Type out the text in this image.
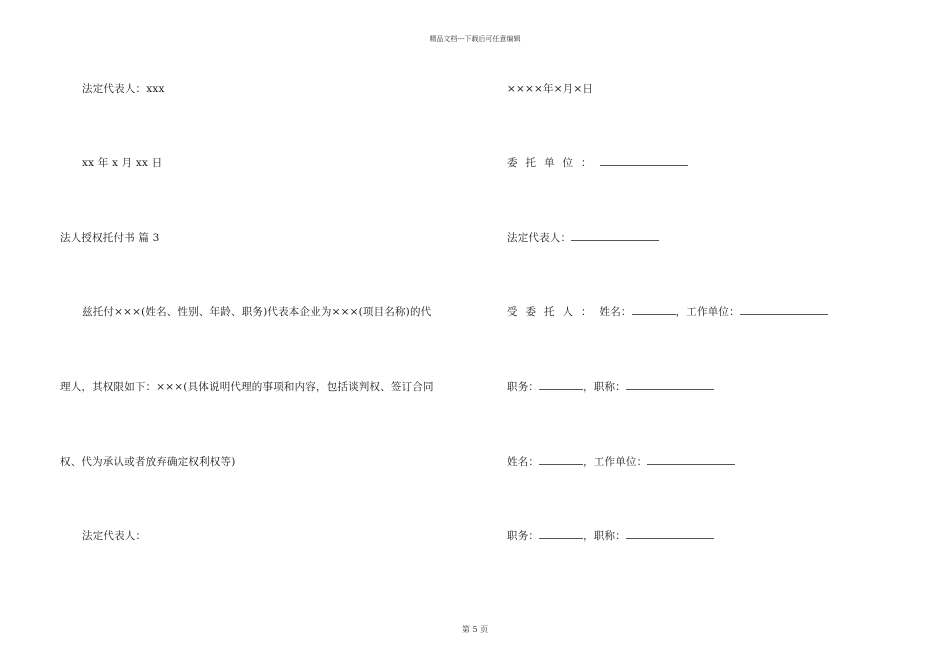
精品文档---下载后可任意编辑
法定代表人：xxx
xx 年 x 月 xx 日
法人授权托付书 篇 3
兹托付×××(姓名、性别、年龄、职务)代表本企业为×××(项目名称)的代
理人，其权限如下：×××(具体说明代理的事项和内容，包括谈判权、签订合同
权、代为承认或者放弃确定权利权等)
法定代表人：
××××年×月×日
委托单位：
法定代表人：
受委托人：姓名：	，工作单位：
职务：	，职称：
姓名：	，工作单位：
职务：	，职称：
第 5 页
